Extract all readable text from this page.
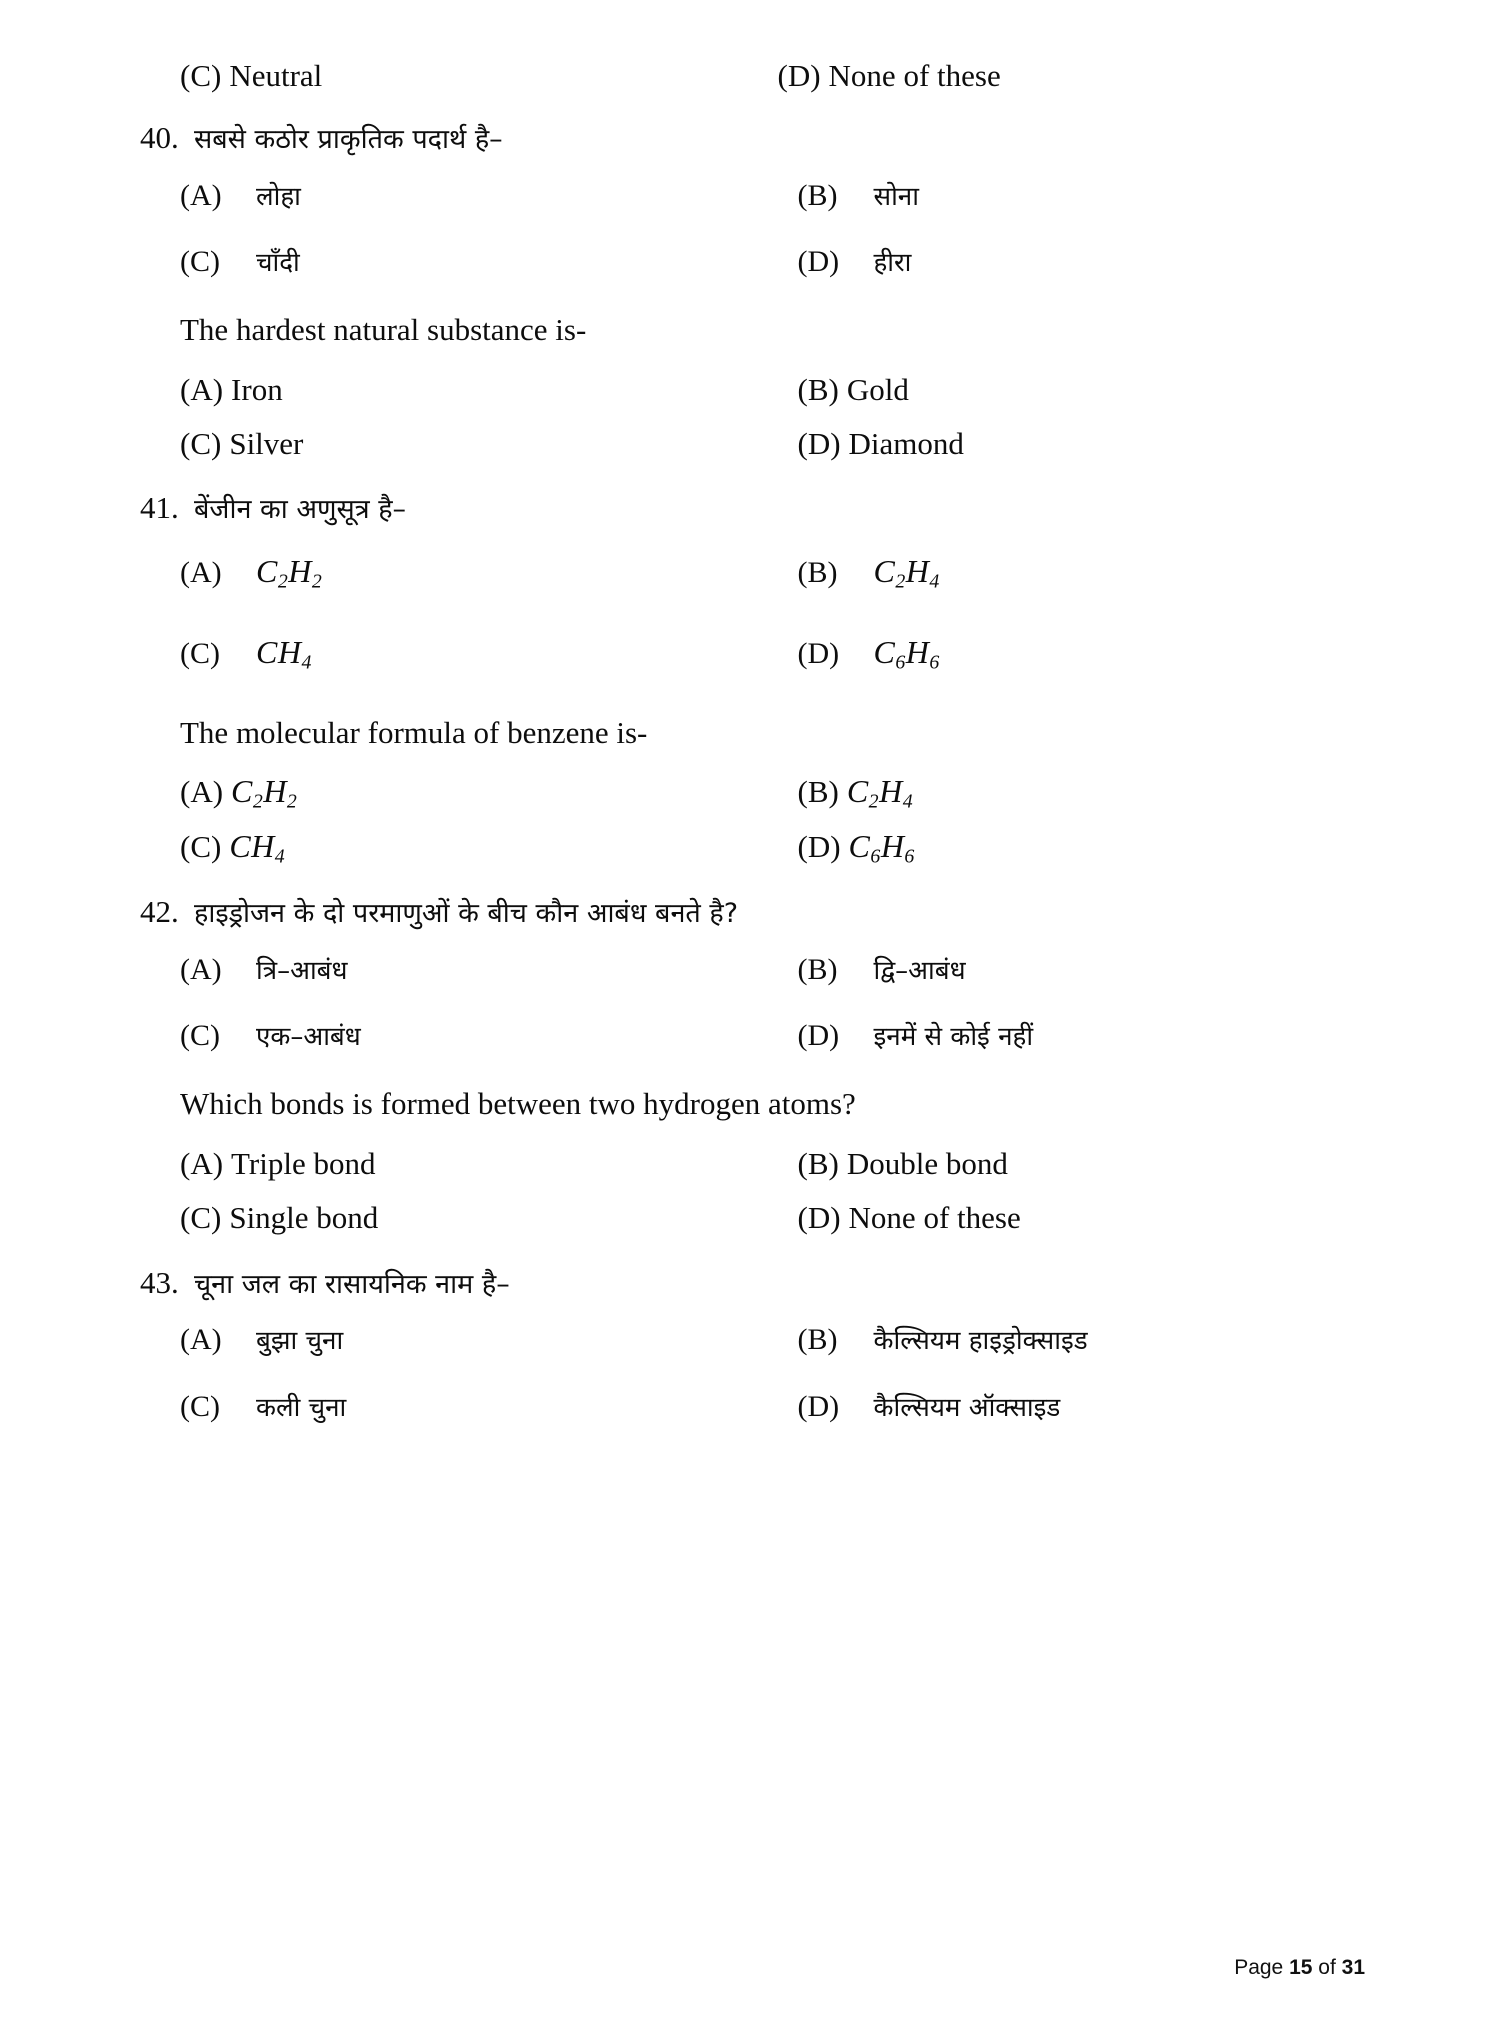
(C) Neutral	(D) None of these
40. सबसे कठोर प्राकृतिक पदार्थ है–
(A)	लोहा	(B)	सोना
(C)	चाँदी	(D)	हीरा
The hardest natural substance is-
(A) Iron	(B) Gold
(C) Silver	(D) Diamond
41. बेंजीन का अणुसूत्र है–
(A)	$C_2H_2$	(B)	$C_2H_4$
(C)	$CH_4$	(D)	$C_6H_6$
The molecular formula of benzene is-
(A) $C_2H_2$	(B) $C_2H_4$
(C) $CH_4$	(D) $C_6H_6$
42. हाइड्रोजन के दो परमाणुओं के बीच कौन आबंध बनते है?
(A)	त्रि–आबंध	(B)	द्वि–आबंध
(C)	एक–आबंध	(D)	इनमें से कोई नहीं
Which bonds is formed between two hydrogen atoms?
(A) Triple bond	(B) Double bond
(C) Single bond	(D) None of these
43. चूना जल का रासायनिक नाम है–
(A)	बुझा चुना	(B)	कैल्सियम हाइड्रोक्साइड
(C)	कली चुना	(D)	कैल्सियम ऑक्साइड
Page 15 of 31
